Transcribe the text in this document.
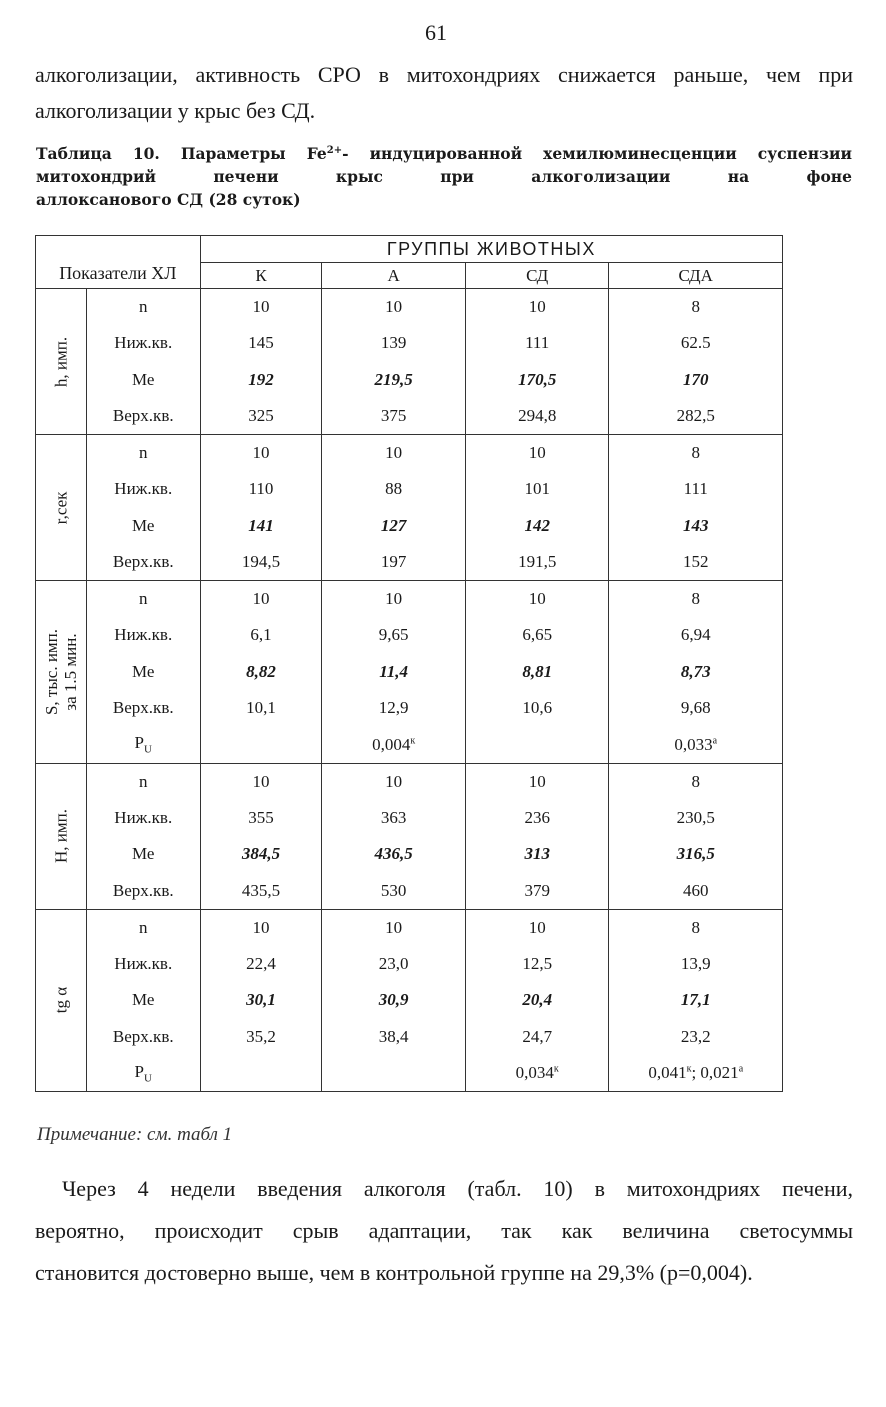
61
алкоголизации, активность СРО в митохондриях снижается раньше, чем при
алкоголизации у крыс без СД.
Таблица 10. Параметры $Fe^{2+}-$ индуцированной хемилюминесценции суспензии
митохондрий печени крыс при алкоголизации на фоне
аллоксанового СД (28 суток)
Показатели ХЛ		ГРУППЫ ЖИВОТНЫХ			
		К	А	СД	СДА

h, имп.	n	10	10	10	8
	Ниж.кв.	145	139	111	62.5
	Ме	192	219,5	170,5	170
	Верх.кв.	325	375	294,8	282,5

r,сек	n	10	10	10	8
	Ниж.кв.	110	88	101	111
	Ме	141	127	142	143
	Верх.кв.	194,5	197	191,5	152

S, тыс. имп.
за 1.5 мин.	n	10	10	10	8
	Ниж.кв.	6,1	9,65	6,65	6,94
	Ме	8,82	11,4	8,81	8,73
	Верх.кв.	10,1	12,9	10,6	9,68
	$P_U$		$0,004^к$		$0,033^а$

H, имп.	n	10	10	10	8
	Ниж.кв.	355	363	236	230,5
	Ме	384,5	436,5	313	316,5
	Верх.кв.	435,5	530	379	460

tg α	n	10	10	10	8
	Ниж.кв.	22,4	23,0	12,5	13,9
	Ме	30,1	30,9	20,4	17,1
	Верх.кв.	35,2	38,4	24,7	23,2
	$P_U$			$0,034^к$	$0,041^к$; $0,021^а$
Примечание: см. табл 1
Через 4 недели введения алкоголя (табл. 10) в митохондриях печени,
вероятно, происходит срыв адаптации, так как величина светосуммы
становится достоверно выше, чем в контрольной группе на 29,3% (р=0,004).
